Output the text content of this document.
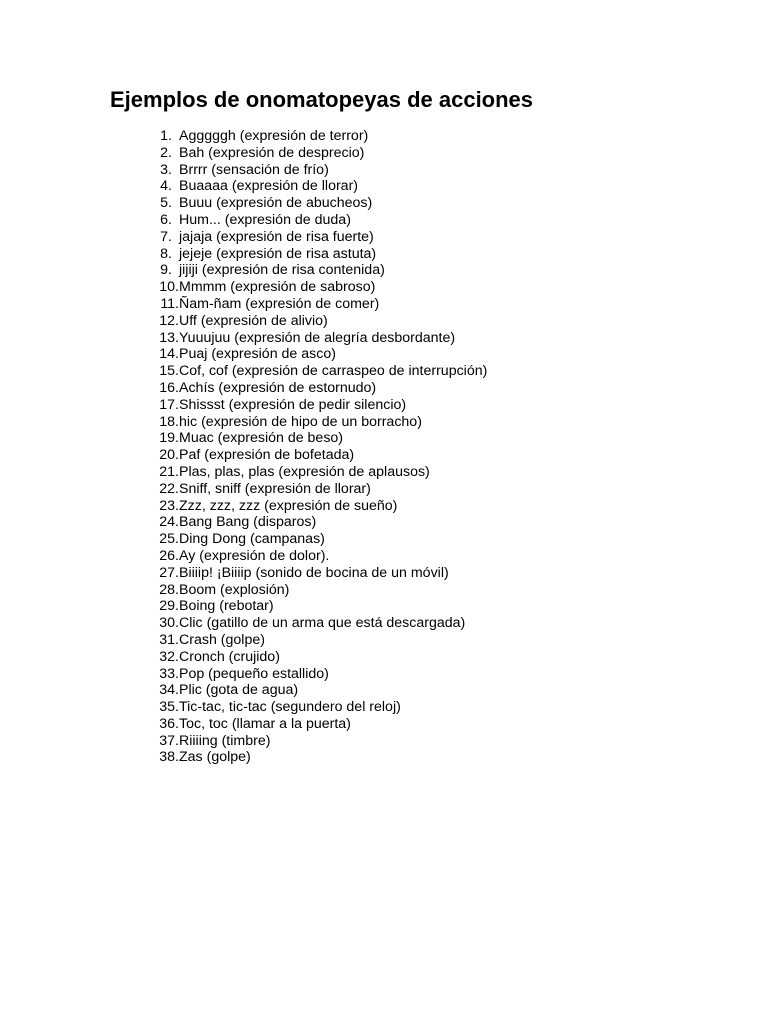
Ejemplos de onomatopeyas de acciones
1. Agggggh (expresión de terror)
2. Bah (expresión de desprecio)
3. Brrrr (sensación de frío)
4. Buaaaa (expresión de llorar)
5. Buuu (expresión de abucheos)
6. Hum... (expresión de duda)
7. jajaja (expresión de risa fuerte)
8. jejeje (expresión de risa astuta)
9. jijiji (expresión de risa contenida)
10.Mmmm (expresión de sabroso)
11.Ñam-ñam (expresión de comer)
12.Uff (expresión de alivio)
13.Yuuujuu (expresión de alegría desbordante)
14.Puaj (expresión de asco)
15.Cof, cof (expresión de carraspeo de interrupción)
16.Achís (expresión de estornudo)
17.Shissst (expresión de pedir silencio)
18.hic (expresión de hipo de un borracho)
19.Muac (expresión de beso)
20.Paf (expresión de bofetada)
21.Plas, plas, plas (expresión de aplausos)
22.Sniff, sniff (expresión de llorar)
23.Zzz, zzz, zzz (expresión de sueño)
24.Bang Bang (disparos)
25.Ding Dong (campanas)
26.Ay (expresión de dolor).
27.Biiiip! ¡Biiiip (sonido de bocina de un móvil)
28.Boom (explosión)
29.Boing (rebotar)
30.Clic (gatillo de un arma que está descargada)
31.Crash (golpe)
32.Cronch (crujido)
33.Pop (pequeño estallido)
34.Plic (gota de agua)
35.Tic-tac, tic-tac (segundero del reloj)
36.Toc, toc (llamar a la puerta)
37.Riiiing (timbre)
38.Zas (golpe)
